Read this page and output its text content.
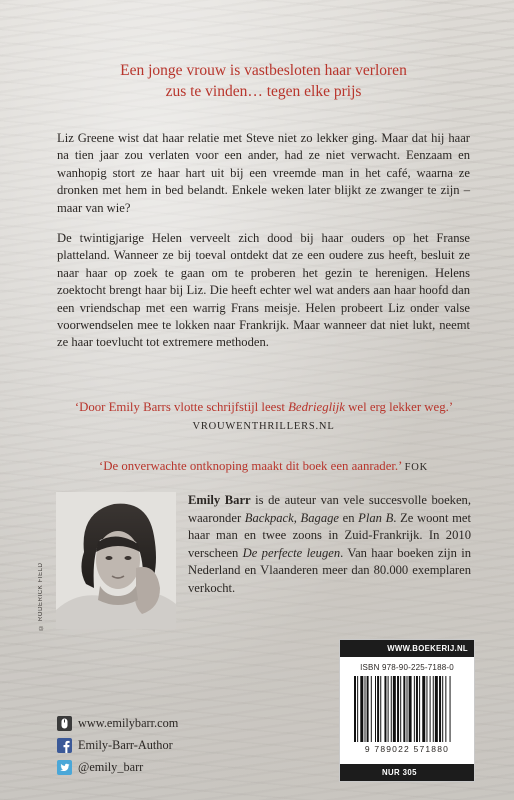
Een jonge vrouw is vastbesloten haar verloren
zus te vinden… tegen elke prijs

Liz Greene wist dat haar relatie met Steve niet zo lekker ging. Maar dat hij haar na tien jaar zou verlaten voor een ander, had ze niet verwacht. Eenzaam en wanhopig stort ze haar hart uit bij een vreemde man in het café, waarna ze dronken met hem in bed belandt. Enkele weken later blijkt ze zwanger te zijn – maar van wie?

De twintigjarige Helen verveelt zich dood bij haar ouders op het Franse platteland. Wanneer ze bij toeval ontdekt dat ze een oudere zus heeft, besluit ze naar haar op zoek te gaan om te proberen het gezin te herenigen. Helens zoektocht brengt haar bij Liz. Die heeft echter wel wat anders aan haar hoofd dan een vriendschap met een warrig Frans meisje. Helen probeert Liz onder valse voorwendselen mee te lokken naar Frankrijk. Maar wanneer dat niet lukt, neemt ze haar toevlucht tot extremere methoden.

‘Door Emily Barrs vlotte schrijfstijl leest Bedrieglijk wel erg lekker weg.’ VROUWENTHRILLERS.NL
‘De onverwachte ontknoping maakt dit boek een aanrader.’ FOK
© RODERICK FIELD
Emily Barr is de auteur van vele succesvolle boeken, waaronder Backpack, Bagage en Plan B. Ze woont met haar man en twee zoons in Zuid-Frankrijk. In 2010 verscheen De perfecte leugen. Van haar boeken zijn in Nederland en Vlaanderen meer dan 80.000 exemplaren verkocht.
www.emilybarr.com
Emily-Barr-Author
@emily_barr
WWW.BOEKERIJ.NL
ISBN 978-90-225-7188-0
9 789022 571880
NUR 305
